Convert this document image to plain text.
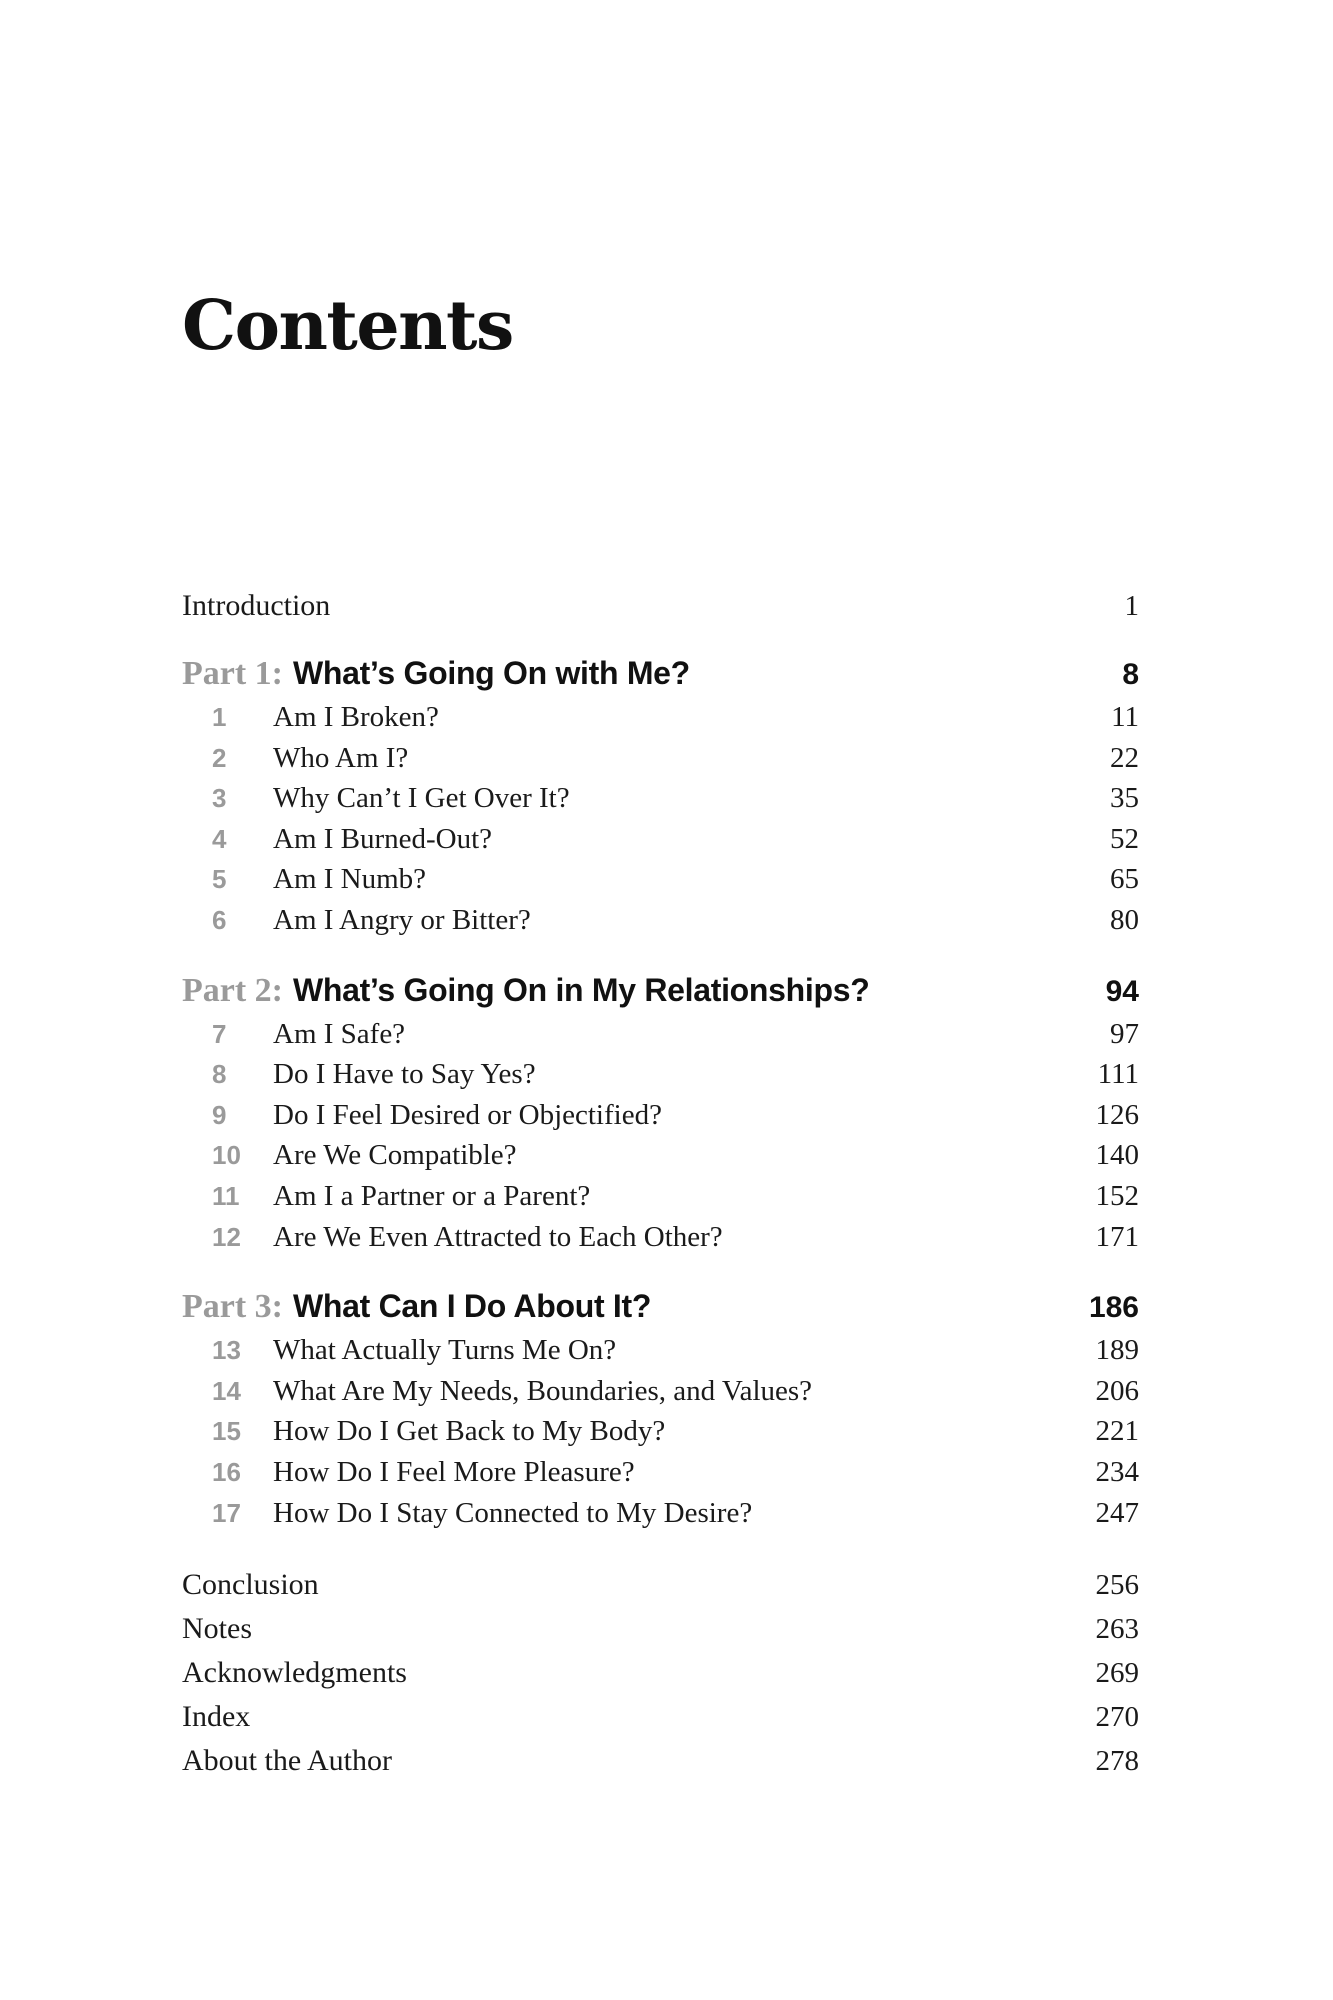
Contents
Introduction	1
Part 1: What’s Going On with Me?	8
1	Am I Broken?	11
2	Who Am I?	22
3	Why Can’t I Get Over It?	35
4	Am I Burned-Out?	52
5	Am I Numb?	65
6	Am I Angry or Bitter?	80
Part 2: What’s Going On in My Relationships?	94
7	Am I Safe?	97
8	Do I Have to Say Yes?	111
9	Do I Feel Desired or Objectified?	126
10	Are We Compatible?	140
11	Am I a Partner or a Parent?	152
12	Are We Even Attracted to Each Other?	171
Part 3: What Can I Do About It?	186
13	What Actually Turns Me On?	189
14	What Are My Needs, Boundaries, and Values?	206
15	How Do I Get Back to My Body?	221
16	How Do I Feel More Pleasure?	234
17	How Do I Stay Connected to My Desire?	247
Conclusion	256
Notes	263
Acknowledgments	269
Index	270
About the Author	278
